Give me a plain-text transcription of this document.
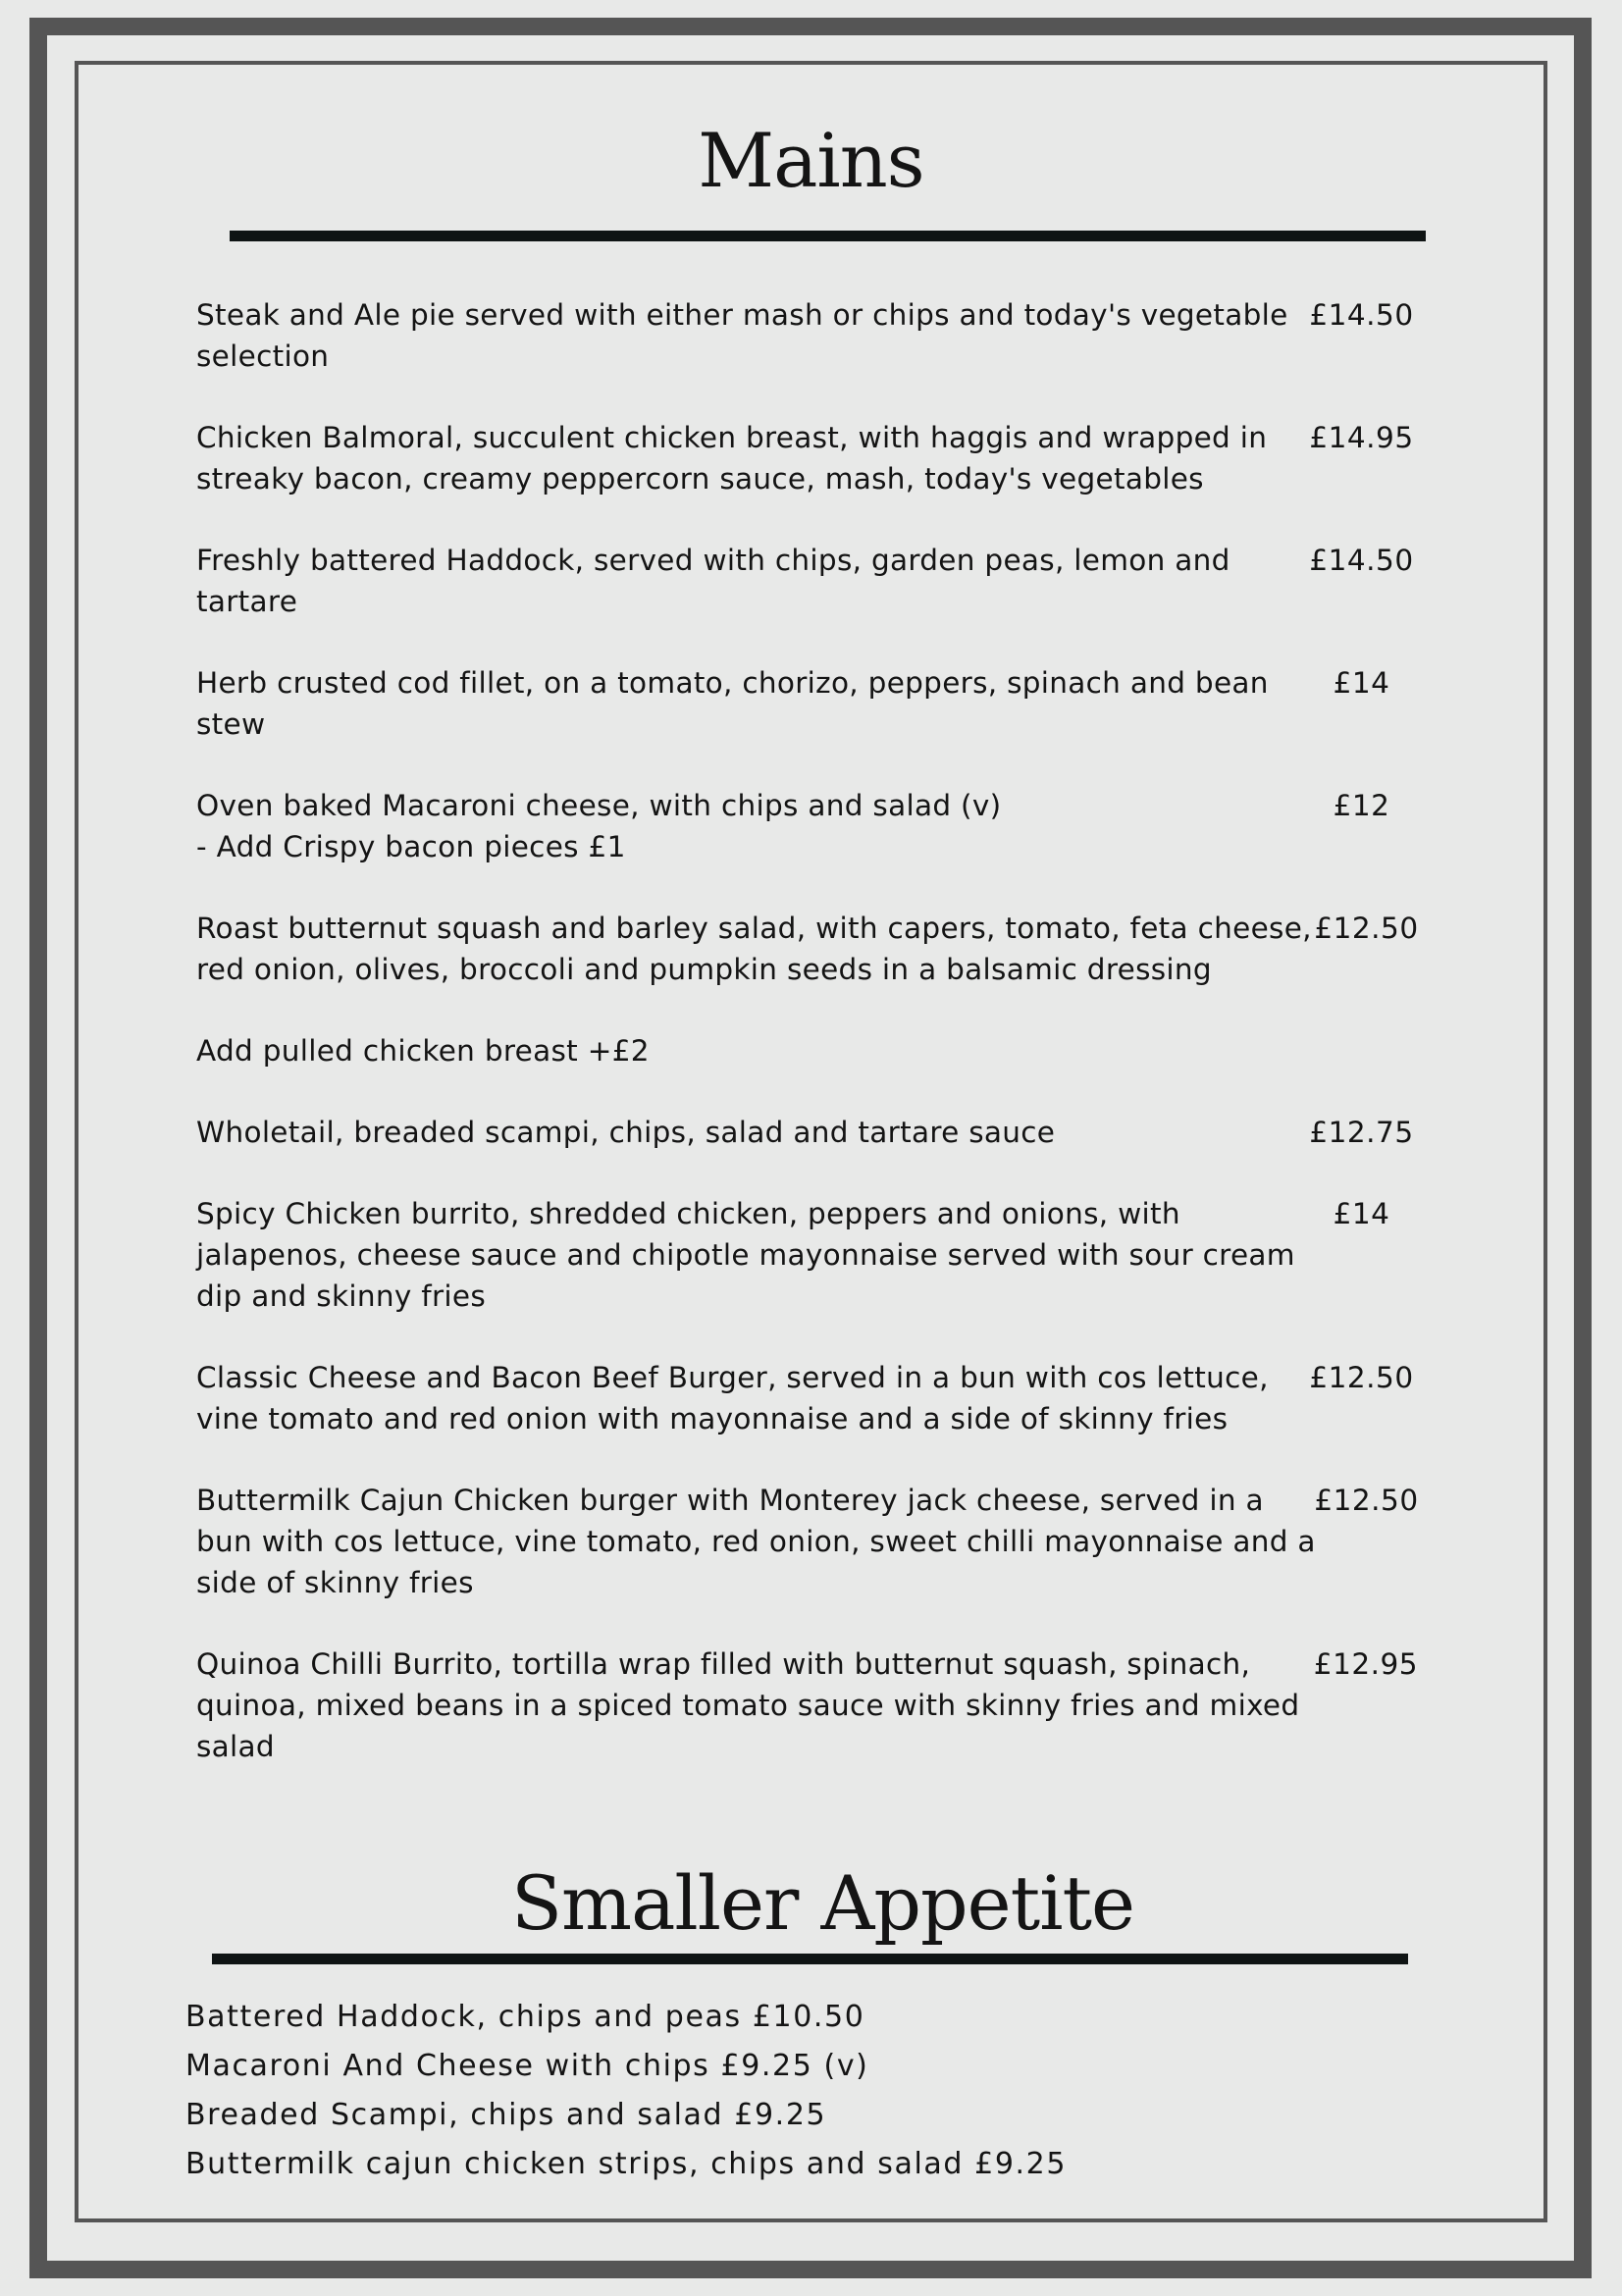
Mains

Steak and Ale pie served with either mash or chips and today's vegetable
selection

£14.50

Chicken Balmoral, succulent chicken breast, with haggis and wrapped in
streaky bacon, creamy peppercorn sauce, mash, today's vegetables

£14.95

Freshly battered Haddock, served with chips, garden peas, lemon and
tartare

£14.50

Herb crusted cod fillet, on a tomato, chorizo, peppers, spinach and bean
stew

£14

Oven baked Macaroni cheese, with chips and salad (v)
- Add Crispy bacon pieces £1

£12

Roast butternut squash and barley salad, with capers, tomato, feta cheese,
red onion, olives, broccoli and pumpkin seeds in a balsamic dressing

£12.50

Add pulled chicken breast +£2

Wholetail, breaded scampi, chips, salad and tartare sauce	£12.75

Spicy Chicken burrito, shredded chicken, peppers and onions, with
jalapenos, cheese sauce and chipotle mayonnaise served with sour cream
dip and skinny fries

£14

Classic Cheese and Bacon Beef Burger, served in a bun with cos lettuce,
vine tomato and red onion with mayonnaise and a side of skinny fries

£12.50

Buttermilk Cajun Chicken burger with Monterey jack cheese, served in a
bun with cos lettuce, vine tomato, red onion, sweet chilli mayonnaise and a
side of skinny fries

£12.50

Quinoa Chilli Burrito, tortilla wrap filled with butternut squash, spinach,
quinoa, mixed beans in a spiced tomato sauce with skinny fries and mixed
salad

£12.95
Smaller Appetite
Battered Haddock, chips and peas £10.50
Macaroni And Cheese with chips £9.25 (v)
Breaded Scampi, chips and salad £9.25
Buttermilk cajun chicken strips, chips and salad £9.25
